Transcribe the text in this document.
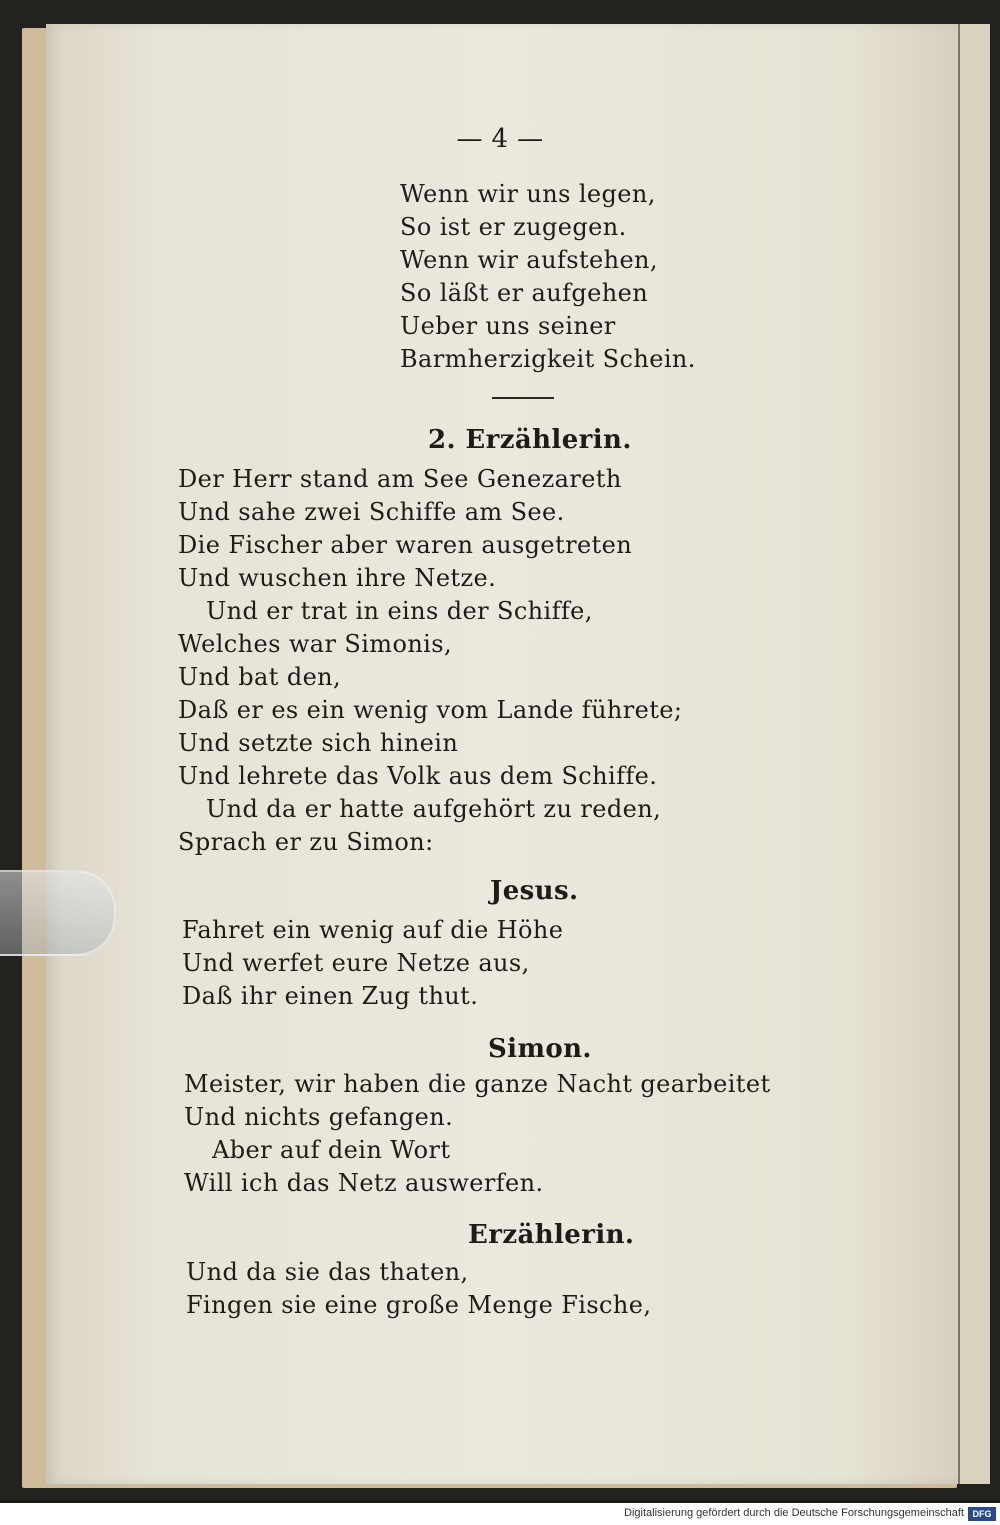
— 4 —
Wenn wir uns legen,
So ist er zugegen.
Wenn wir aufstehen,
So läßt er aufgehen
Ueber uns seiner
Barmherzigkeit Schein.
2. Erzählerin.
Der Herr stand am See Genezareth
Und sahe zwei Schiffe am See.
Die Fischer aber waren ausgetreten
Und wuschen ihre Netze.
Und er trat in eins der Schiffe,
Welches war Simonis,
Und bat den,
Daß er es ein wenig vom Lande führete;
Und setzte sich hinein
Und lehrete das Volk aus dem Schiffe.
Und da er hatte aufgehört zu reden,
Sprach er zu Simon:
Jesus.
Fahret ein wenig auf die Höhe
Und werfet eure Netze aus,
Daß ihr einen Zug thut.
Simon.
Meister, wir haben die ganze Nacht gearbeitet
Und nichts gefangen.
Aber auf dein Wort
Will ich das Netz auswerfen.
Erzählerin.
Und da sie das thaten,
Fingen sie eine große Menge Fische,
Digitalisierung gefördert durch die Deutsche Forschungsgemeinschaft DFG
